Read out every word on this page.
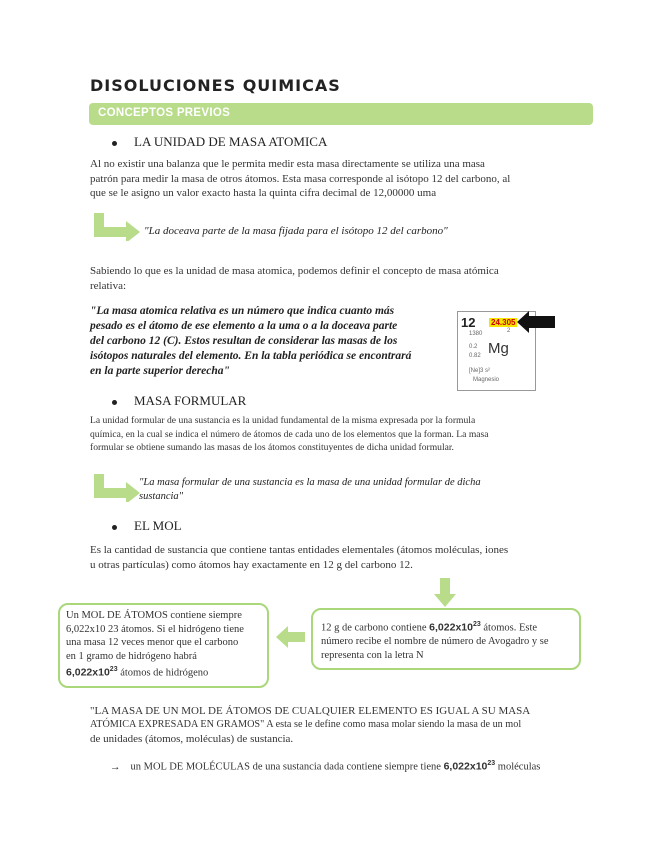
DISOLUCIONES QUIMICAS
CONCEPTOS PREVIOS
LA UNIDAD DE MASA ATOMICA
Al no existir una balanza que le permita medir esta masa directamente se utiliza una masa
patrón para medir la masa de otros átomos. Esta masa corresponde al isótopo 12 del carbono, al
que se le asigno un valor exacto hasta la quinta cifra decimal de 12,00000 uma
"La doceava parte de la masa fijada para el isótopo 12 del carbono"
Sabiendo lo que es la unidad de masa atomica, podemos definir el concepto de masa atómica
relativa:
"La masa atomica relativa es un número que indica cuanto más
pesado es el átomo de ese elemento a la uma o a la doceava parte
del carbono 12 (C). Estos resultan de considerar las masas de los
isótopos naturales del elemento. En la tabla periódica se encontrará
en la parte superior derecha"
12 24.305
1380	2
0.2
0.82 Mg
[Ne]3 s²
Magnesio
MASA FORMULAR
La unidad formular de una sustancia es la unidad fundamental de la misma expresada por la formula
química, en la cual se indica el número de átomos de cada uno de los elementos que la forman. La masa
formular se obtiene sumando las masas de los átomos constituyentes de dicha unidad formular.
"La masa formular de una sustancia es la masa de una unidad formular de dicha
sustancia"
EL MOL
Es la cantidad de sustancia que contiene tantas entidades elementales (átomos moléculas, iones
u otras partículas) como átomos hay exactamente en 12 g del carbono 12.
12 g de carbono contiene $6,022x10^{23}$ átomos. Este
número recibe el nombre de número de Avogadro y se
representa con la letra N
Un MOL DE ÁTOMOS contiene siempre
6,022x10 23 átomos. Si el hidrógeno tiene
una masa 12 veces menor que el carbono
en 1 gramo de hidrógeno habrá
$6,022x10^{23}$ átomos de hidrógeno
"LA MASA DE UN MOL DE ÁTOMOS DE CUALQUIER ELEMENTO ES IGUAL A SU MASA
ATÓMICA EXPRESADA EN GRAMOS" A esta se le define como masa molar siendo la masa de un mol
de unidades (átomos, moléculas) de sustancia.
→ un MOL DE MOLÉCULAS de una sustancia dada contiene siempre tiene $6,022x10^{23}$ moléculas
